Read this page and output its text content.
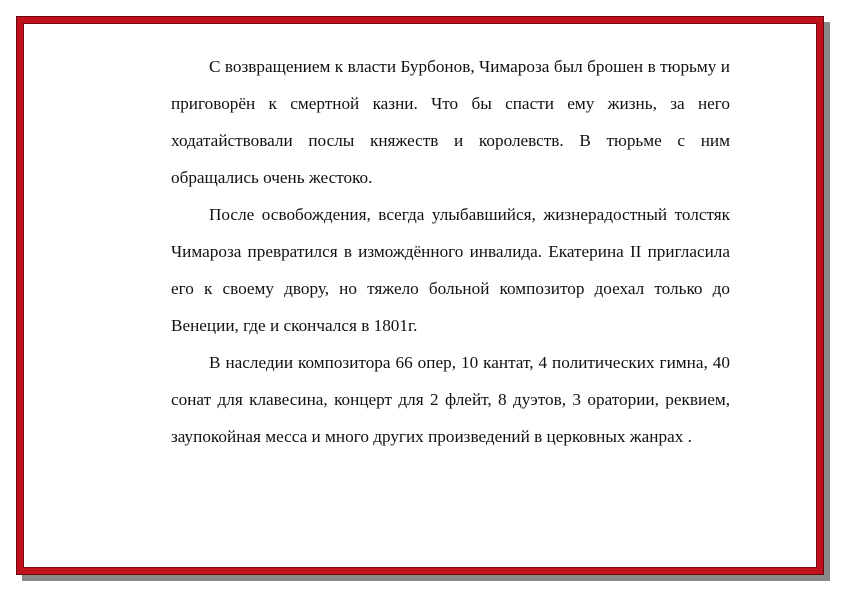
С возвращением к власти Бурбонов, Чимароза был брошен в тюрьму и приговорён к смертной казни. Что бы спасти ему жизнь, за него ходатайствовали послы княжеств и королевств. В тюрьме с ним обращались очень жестоко.

После освобождения, всегда улыбавшийся, жизнерадостный толстяк Чимароза превратился в измождённого инвалида. Екатерина II пригласила его к своему двору, но тяжело больной композитор доехал только до Венеции, где и скончался в 1801г.

В наследии композитора 66 опер, 10 кантат, 4 политических гимна, 40 сонат для клавесина, концерт для 2 флейт, 8 дуэтов, 3 оратории, реквием, заупокойная месса и много других произведений в церковных жанрах .
